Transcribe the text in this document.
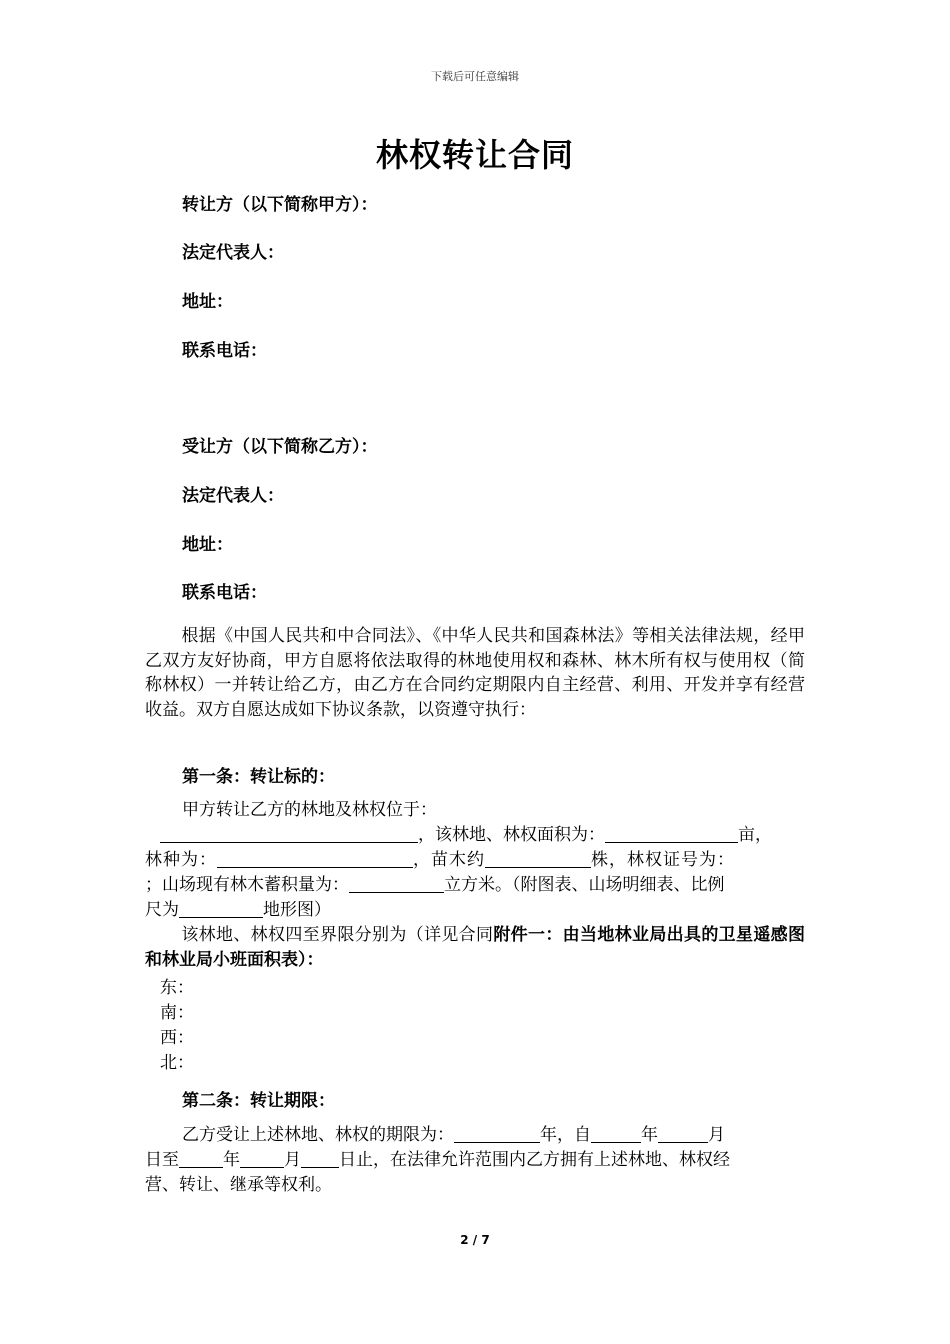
下载后可任意编辑
林权转让合同
转让方（以下简称甲方）：
法定代表人：
地址：
联系电话：
受让方（以下简称乙方）：
法定代表人：
地址：
联系电话：
根据《中国人民共和中合同法》、《中华人民共和国森林法》等相关法律法规，经甲乙双方友好协商，甲方自愿将依法取得的林地使用权和森林、林木所有权与使用权（简称林权）一并转让给乙方，由乙方在合同约定期限内自主经营、利用、开发并享有经营收益。双方自愿达成如下协议条款，以资遵守执行：
第一条：转让标的：
甲方转让乙方的林地及林权位于：
，该林地、林权面积为：	亩，
林种为：	，苗木约	株，林权证号为：
；山场现有林木蓄积量为：	立方米。（附图表、山场明细表、比例
尺为	地形图）
该林地、林权四至界限分别为（详见合同附件一：由当地林业局出具的卫星遥感图和林业局小班面积表）：
东：
南：
西：
北：
第二条：转让期限：
乙方受让上述林地、林权的期限为：	年，自	年	月
日至	年	月 日止，在法律允许范围内乙方拥有上述林地、林权经
营、转让、继承等权利。
2 / 7
